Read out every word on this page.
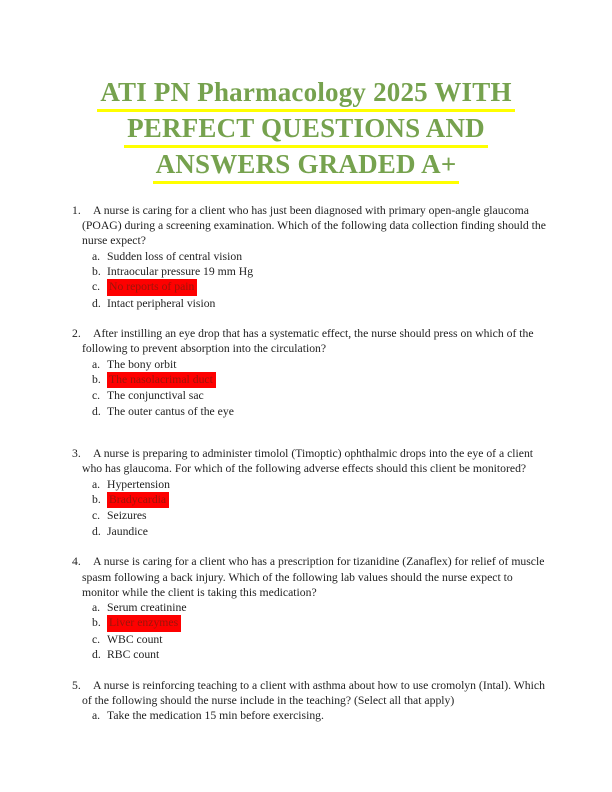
ATI PN Pharmacology 2025 WITH
PERFECT QUESTIONS AND
ANSWERS GRADED A+
1.	A nurse is caring for a client who has just been diagnosed with primary open-angle glaucoma (POAG) during a screening examination. Which of the following data collection finding should the nurse expect?

a. Sudden loss of central vision
b. Intraocular pressure 19 mm Hg
c. No reports of pain
d. Intact peripheral vision
2.	After instilling an eye drop that has a systematic effect, the nurse should press on which of the following to prevent absorption into the circulation?

a. The bony orbit
b. The nasolacrimal duct
c. The conjunctival sac
d. The outer cantus of the eye
3.	A nurse is preparing to administer timolol (Timoptic) ophthalmic drops into the eye of a client who has glaucoma. For which of the following adverse effects should this client be monitored?

a. Hypertension
b. Bradycardia
c. Seizures
d. Jaundice
4.	A nurse is caring for a client who has a prescription for tizanidine (Zanaflex) for relief of muscle spasm following a back injury. Which of the following lab values should the nurse expect to monitor while the client is taking this medication?

a. Serum creatinine
b. Liver enzymes
c. WBC count
d. RBC count
5.	A nurse is reinforcing teaching to a client with asthma about how to use cromolyn (Intal). Which of the following should the nurse include in the teaching? (Select all that apply)

a. Take the medication 15 min before exercising.
